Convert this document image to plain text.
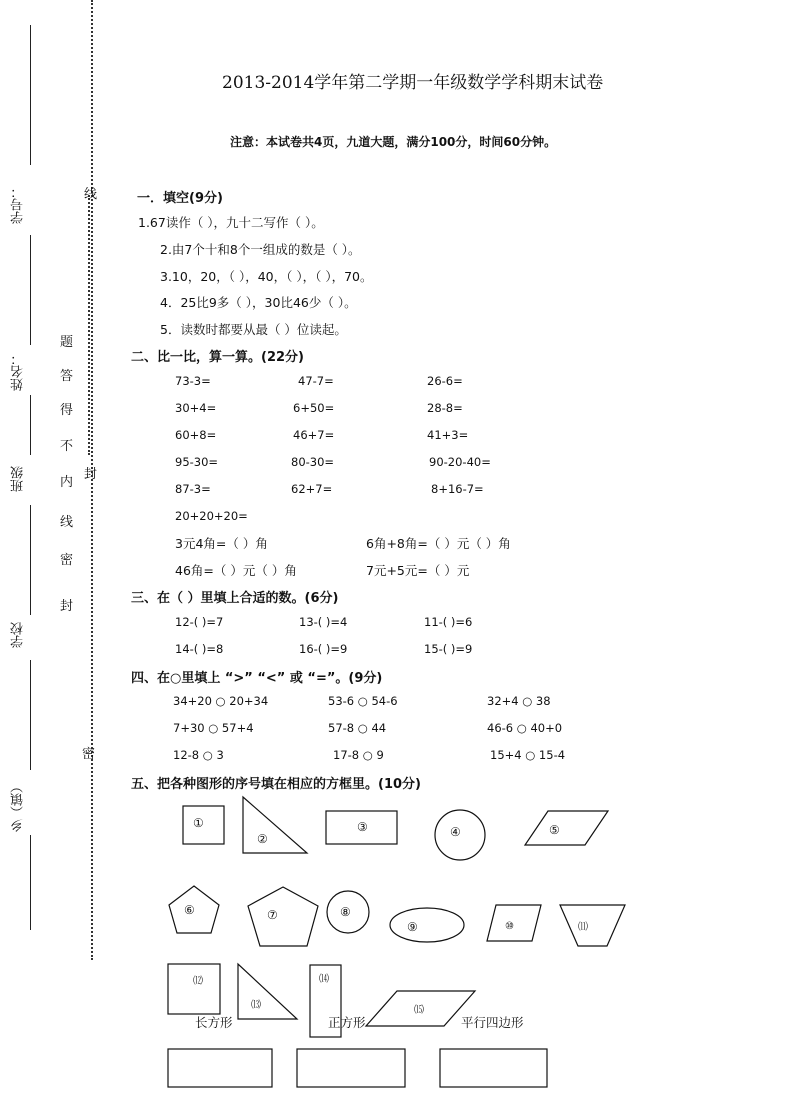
学号：
姓名：
班级
学校
乡（镇）
线
题
答
得
不
内
封
线
密
封
密
2013-2014学年第二学期一年级数学学科期末试卷
注意：本试卷共4页，九道大题，满分100分，时间60分钟。
一．填空(9分)
1.67读作（ ），九十二写作（ ）。
2.由7个十和8个一组成的数是（ ）。
3.10，20，（ ），40，（ ），（ ），70。
4．25比9多（ ），30比46少（ ）。
5．读数时都要从最（ ）位读起。
二、比一比，算一算。(22分)
73-3=	47-7=	26-6=
30+4=	6+50=	28-8=
60+8=	46+7=	41+3=
95-30=	80-30=	90-20-40=
87-3=	62+7=	8+16-7=
20+20+20=
3元4角=（ ）角	6角+8角=（ ）元（ ）角
46角=（ ）元（ ）角	7元+5元=（ ）元
三、在（ ）里填上合适的数。(6分)
12-( )=7	13-( )=4	11-( )=6
14-( )=8	16-( )=9	15-( )=9
四、在○里填上 “>” “<” 或 “=”。(9分)
34+20 ○ 20+34	53-6 ○ 54-6	32+4 ○ 38
7+30 ○ 57+4	57-8 ○ 44	46-6 ○ 40+0
12-8 ○ 3	17-8 ○ 9	15+4 ○ 15-4
五、把各种图形的序号填在相应的方框里。(10分)
①
②
③	④	⑤
⑥	⑦	⑧
⑨	⑩	⑾
⑿
⒀
⒁
⒂
长方形	正方形	平行四边形
